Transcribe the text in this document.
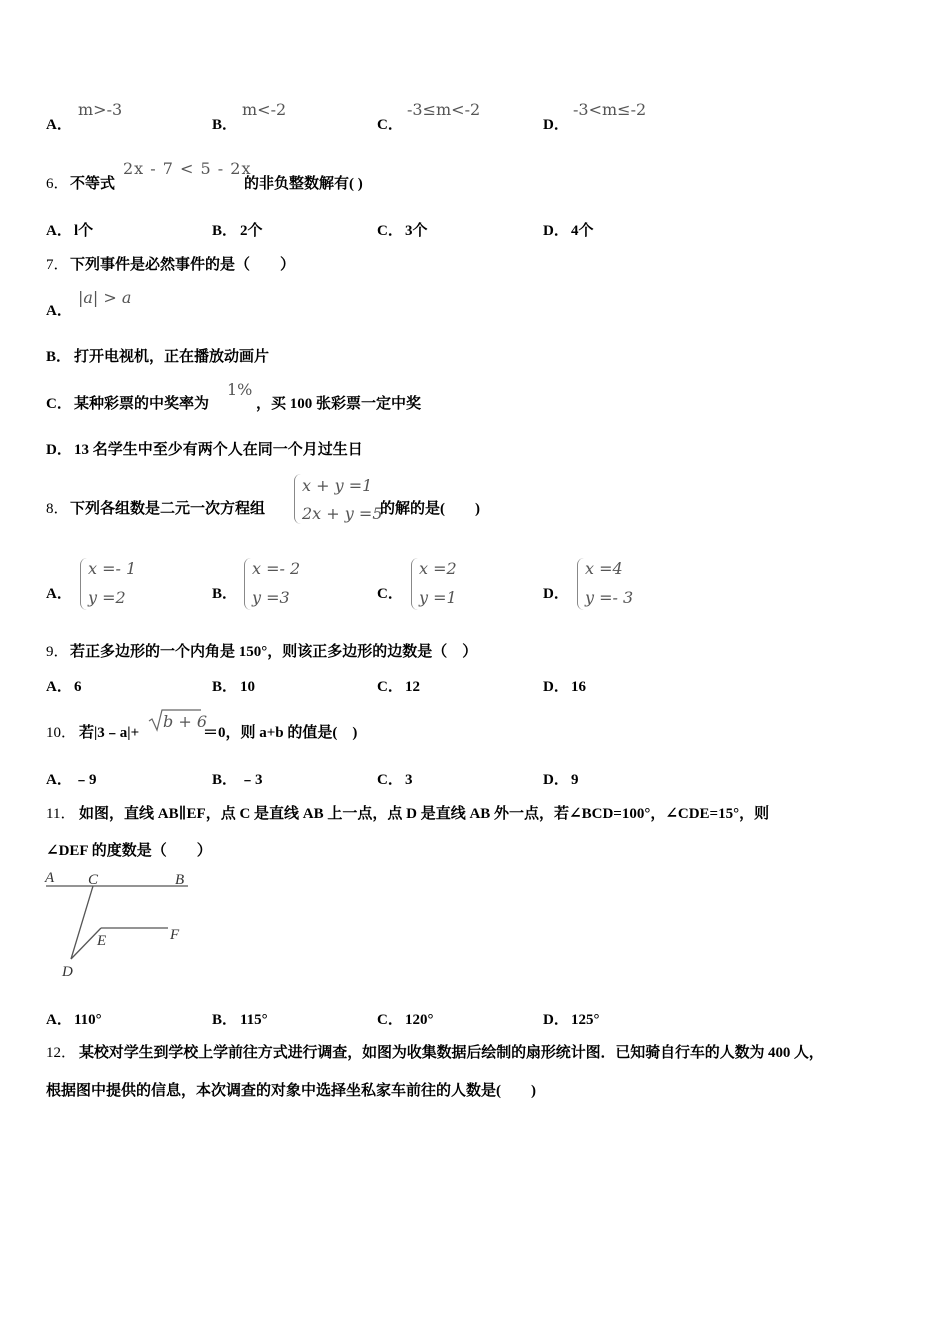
A．
m>-3
B．
m<-2
C．
-3≤m<-2
D．
-3<m≤-2
6． 不等式
2x - 7 < 5 - 2x
的非负整数解有( )
A． l个	B． 2个	C． 3个	D． 4个
7． 下列事件是必然事件的是（　　）
A．
|a| > a
B． 打开电视机，正在播放动画片
C． 某种彩票的中奖率为
1%
，买 100 张彩票一定中奖
D． 13 名学生中至少有两个人在同一个月过生日
8． 下列各组数是二元一次方程组
x + y =1
2x + y =5
的解的是(　　)
A．
x =- 1
y =2	B．
x =- 2
y =3	C．
x =2
y =1	D．
x =4
y =- 3
9． 若正多边形的一个内角是 150°，则该正多边形的边数是（　）
A． 6	B． 10	C． 12	D． 16
10． 若|3﹣a|+
b + 6
＝0，则 a+b 的值是(　)
A． ﹣9	B． ﹣3	C． 3	D． 9
11． 如图，直线 AB∥EF，点 C 是直线 AB 上一点，点 D 是直线 AB 外一点，若∠BCD=100°，∠CDE=15°，则
∠DEF 的度数是（　　）
A C	B
E	F
D
A． 110°	B． 115°	C． 120°	D． 125°
12． 某校对学生到学校上学前往方式进行调查，如图为收集数据后绘制的扇形统计图．已知骑自行车的人数为 400 人，
根据图中提供的信息，本次调查的对象中选择坐私家车前往的人数是(　　)
